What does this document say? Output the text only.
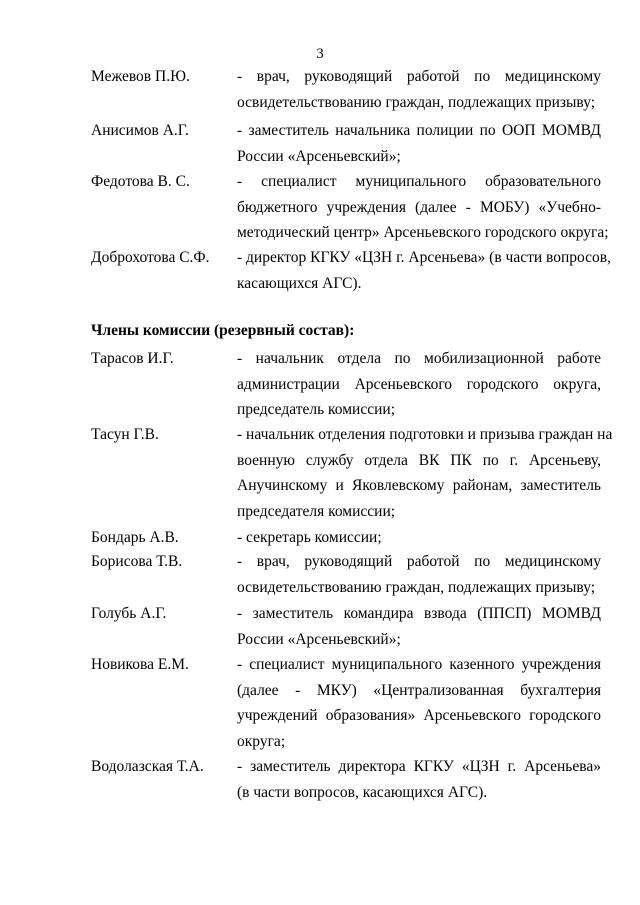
3
Межевов П.Ю.	- врач, руководящий работой по медицинскому
освидетельствованию граждан, подлежащих призыву;
Анисимов А.Г.	- заместитель начальника полиции по ООП МОМВД
России «Арсеньевский»;
Федотова В. С.	- специалист муниципального образовательного
бюджетного учреждения (далее - МОБУ) «Учебно-
методический центр» Арсеньевского городского округа;
Доброхотова С.Ф. - директор КГКУ «ЦЗН г. Арсеньева» (в части вопросов,
касающихся АГС).
Члены комиссии (резервный состав):
Тарасов И.Г.	- начальник отдела по мобилизационной работе
администрации Арсеньевского городского округа,
председатель комиссии;
Тасун Г.В.	- начальник отделения подготовки и призыва граждан на
военную службу отдела ВК ПК по г. Арсеньеву,
Анучинскому и Яковлевскому районам, заместитель
председателя комиссии;
Бондарь А.В.	- секретарь комиссии;
Борисова Т.В.	- врач, руководящий работой по медицинскому
освидетельствованию граждан, подлежащих призыву;
Голубь А.Г.	- заместитель командира взвода (ППСП) МОМВД
России «Арсеньевский»;
Новикова Е.М.	- специалист муниципального казенного учреждения
(далее - МКУ) «Централизованная бухгалтерия
учреждений образования» Арсеньевского городского
округа;
Водолазская Т.А. - заместитель директора КГКУ «ЦЗН г. Арсеньева»
(в части вопросов, касающихся АГС).
